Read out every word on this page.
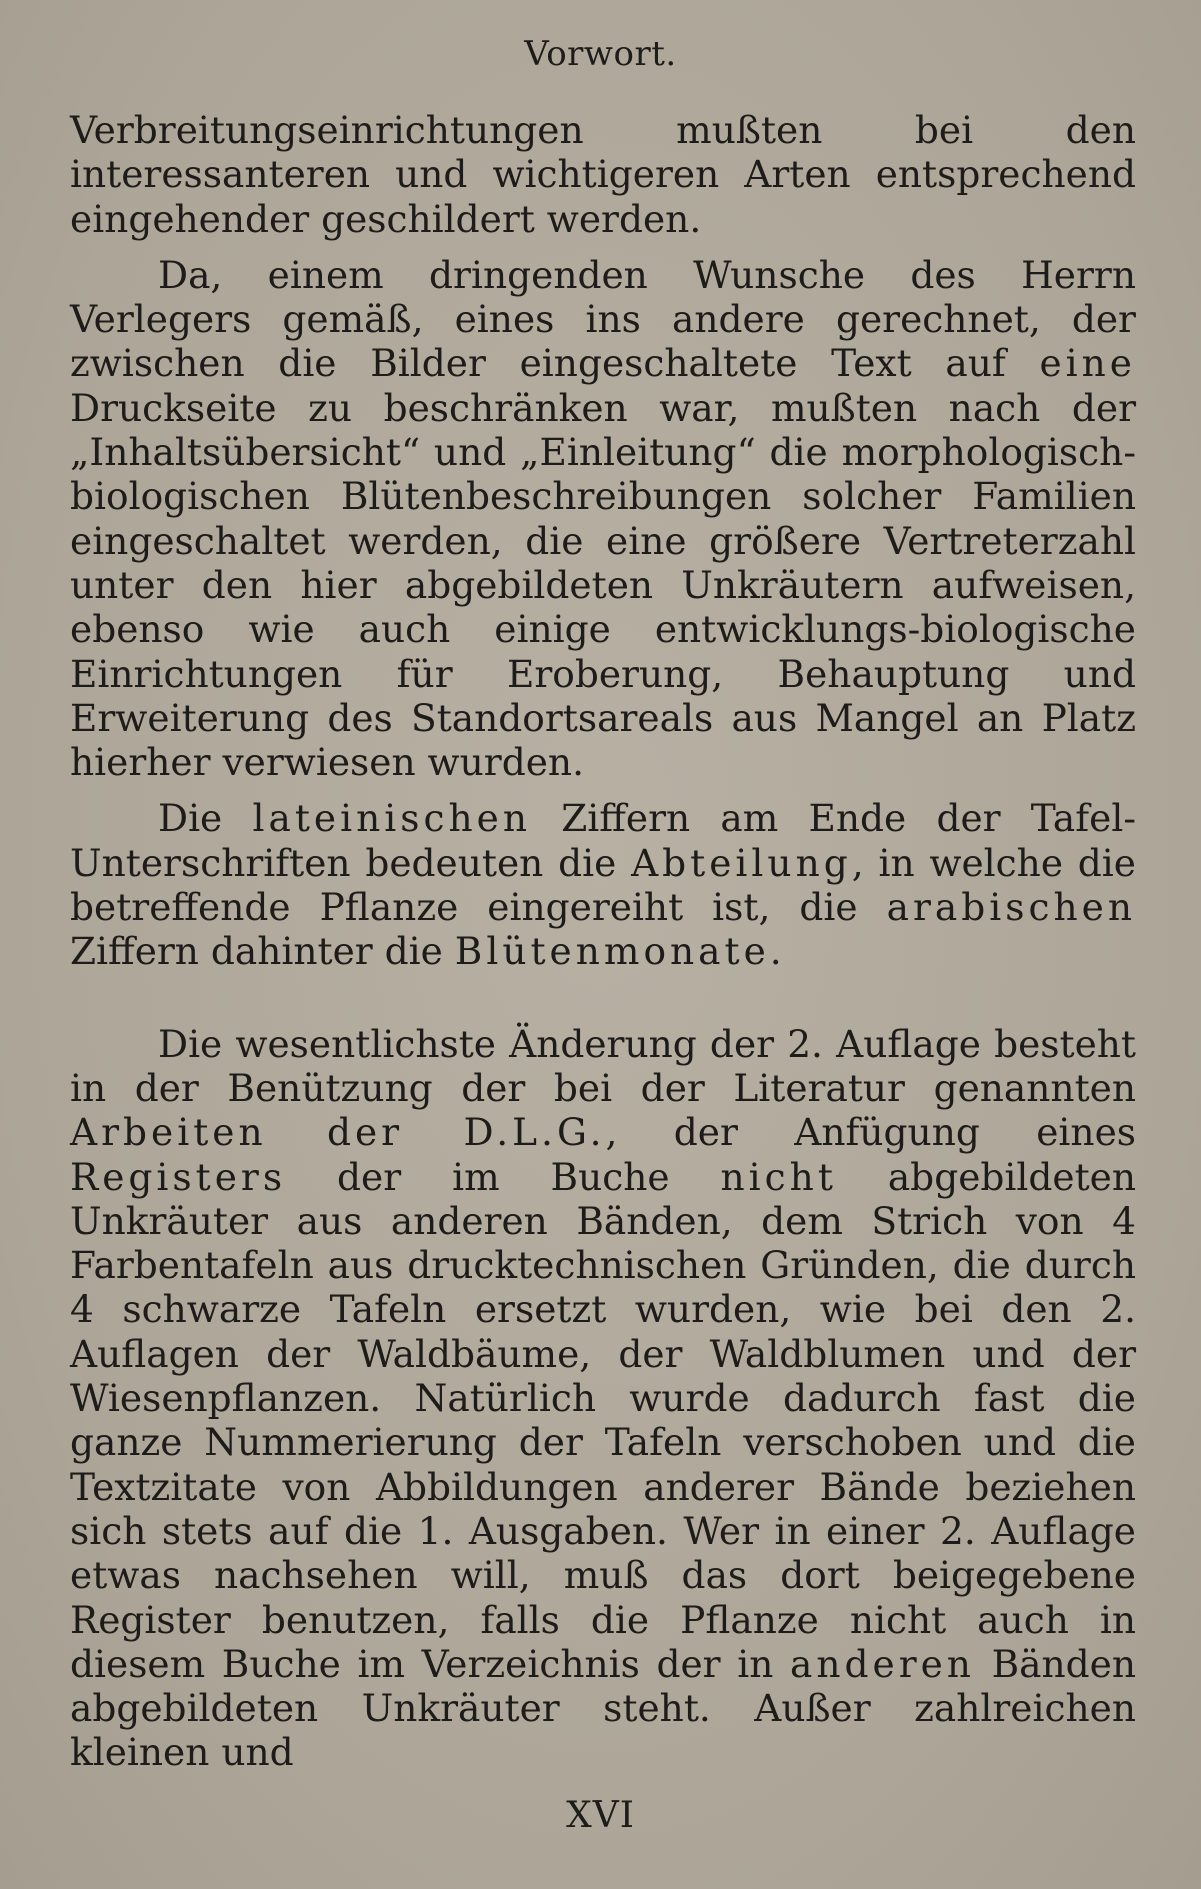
Vorwort.

Verbreitungseinrichtungen mußten bei den interessanteren und wichtigeren Arten entsprechend eingehender geschildert werden.

Da, einem dringenden Wunsche des Herrn Verlegers gemäß, eines ins andere gerechnet, der zwischen die Bilder eingeschaltete Text auf eine Druckseite zu beschränken war, mußten nach der „Inhaltsübersicht“ und „Einleitung“ die morphologisch-biologischen Blütenbeschreibungen solcher Familien eingeschaltet werden, die eine größere Vertreterzahl unter den hier abgebildeten Unkräutern aufweisen, ebenso wie auch einige entwicklungs-biologische Einrichtungen für Eroberung, Behauptung und Erweiterung des Standortsareals aus Mangel an Platz hierher verwiesen wurden.

Die lateinischen Ziffern am Ende der Tafel-Unterschriften bedeuten die Abteilung, in welche die betreffende Pflanze eingereiht ist, die arabischen Ziffern dahinter die Blütenmonate.

Die wesentlichste Änderung der 2. Auflage besteht in der Benützung der bei der Literatur genannten Arbeiten der D.L.G., der Anfügung eines Registers der im Buche nicht abgebildeten Unkräuter aus anderen Bänden, dem Strich von 4 Farbentafeln aus drucktechnischen Gründen, die durch 4 schwarze Tafeln ersetzt wurden, wie bei den 2. Auflagen der Waldbäume, der Waldblumen und der Wiesenpflanzen. Natürlich wurde dadurch fast die ganze Nummerierung der Tafeln verschoben und die Textzitate von Abbildungen anderer Bände beziehen sich stets auf die 1. Ausgaben. Wer in einer 2. Auflage etwas nachsehen will, muß das dort beigegebene Register benutzen, falls die Pflanze nicht auch in diesem Buche im Verzeichnis der in anderen Bänden abgebildeten Unkräuter steht. Außer zahlreichen kleinen und

XVI
